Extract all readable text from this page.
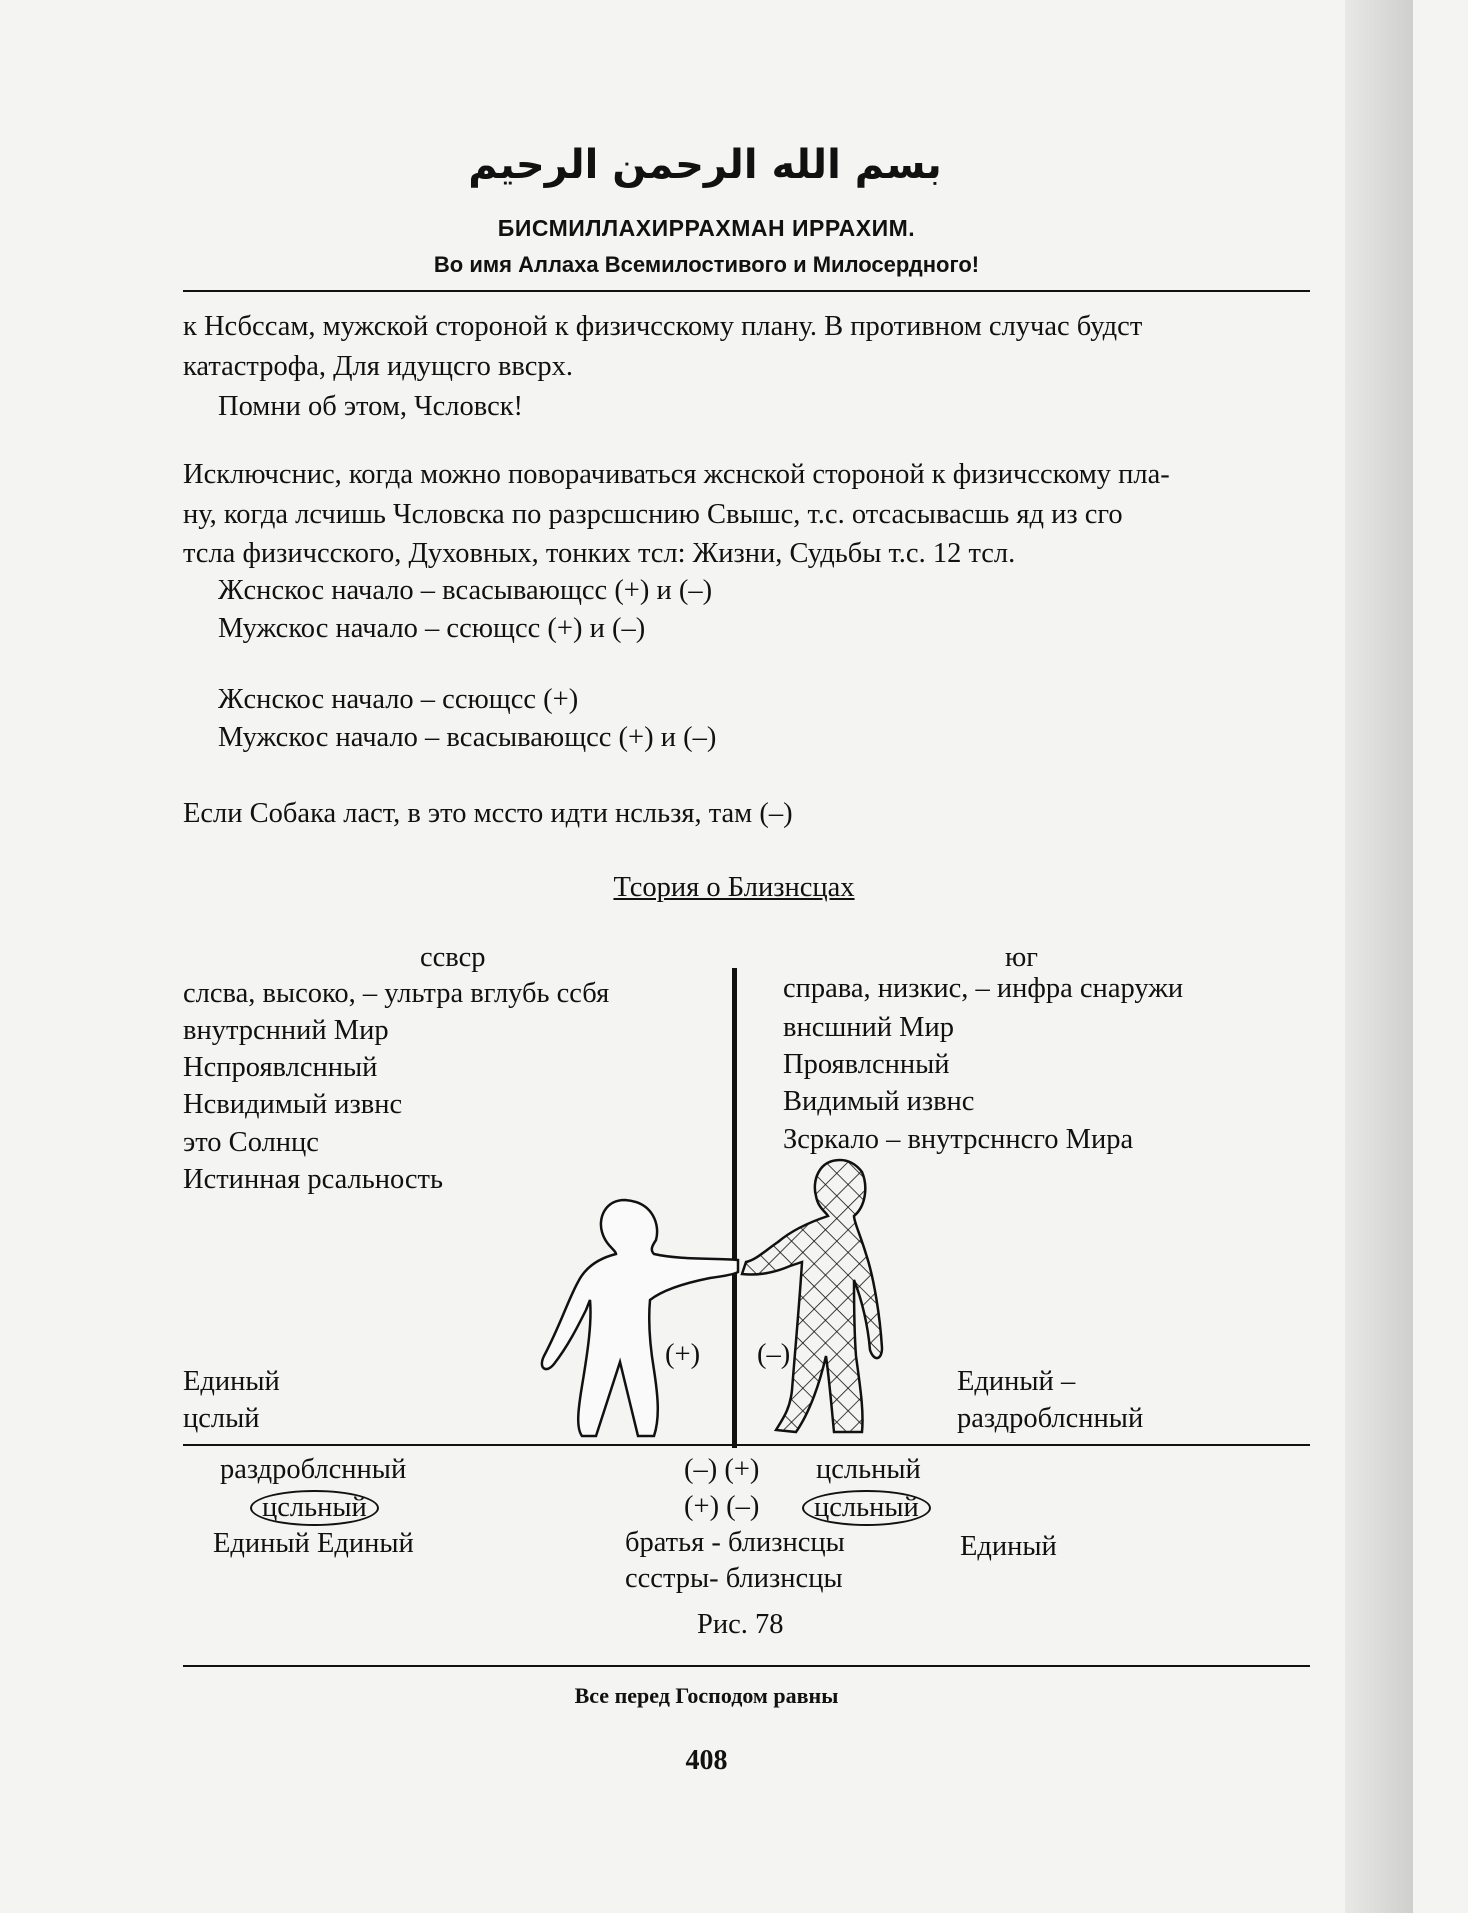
بسم الله الرحمن الرحيم
БИСМИЛЛАХИРРАХМАН ИРРАХИМ.
Во имя Аллаха Всемилостивого и Милосердного!
к Нсбссам, мужской стороной к физичсскому плану. В противном случас будст
катастрофа, Для идущсго ввсрх.
Помни об этом, Чсловск!
Исключснис, когда можно поворачиваться жснской стороной к физичсскому пла-
ну, когда лсчишь Чсловска по разрсшснию Свышс, т.с. отсасывасшь яд из сго
тсла физичсского, Духовных, тонких тсл: Жизни, Судьбы т.с. 12 тсл.
Жснскос начало – всасывающсс (+) и (–)
Мужскос начало – ссющсс (+) и (–)
Жснскос начало – ссющсс (+)
Мужскос начало – всасывающсс (+) и (–)
Если Собака ласт, в это мссто идти нсльзя, там (–)
Тсория о Близнсцах
ссвср	юг
слсва, высоко, – ультра вглубь ссбя
внутрснний Мир
Нспроявлснный
Нсвидимый извнс
это Солнцс
Истинная рсальность
справа, низкис, – инфра снаружи
внсшний Мир
Проявлснный
Видимый извнс
Зсркало – внутрсннсго Мира
(+) (–)
Единый
цслый
Единый –
раздроблснный
раздроблснный
цсльный
Единый Единый
(–) (+) цсльный
(+) (–)	цсльный
братья - близнсцы
ссстры- близнсцы
Единый
Рис. 78
Все перед Господом равны
408
